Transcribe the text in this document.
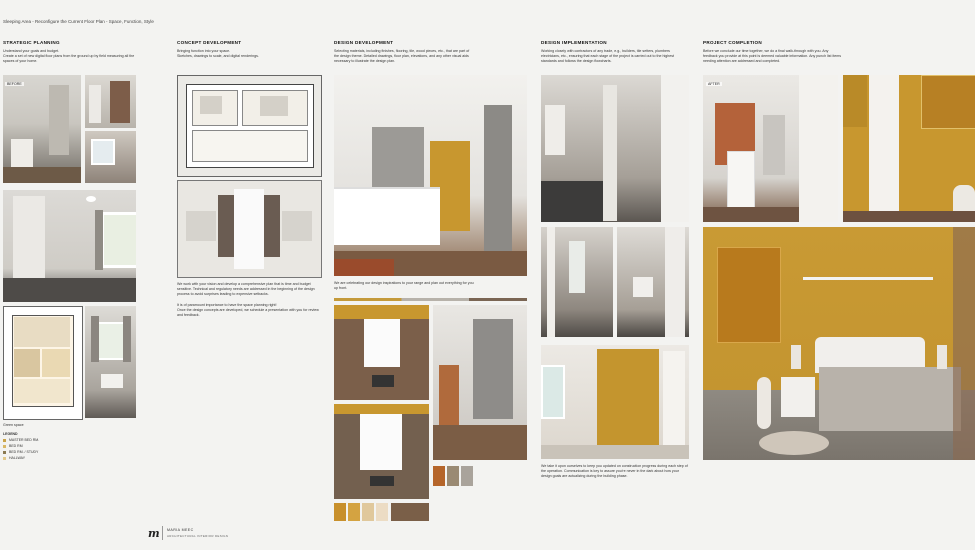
Sleeping Area - Reconfigure the Current Floor Plan - Space, Function, Style
STRATEGIC PLANNING
Understand your goals and budget.
Create a set of new digital floor plans from the ground up by field measuring all the spaces of your home.
BEFORE
Green space
LEGEND
MASTER BED RM.
BED RM
BED RM. / STUDY
HALLWAY
CONCEPT DEVELOPMENT
Bringing function into your space.
Sketches, drawings to scale, and digital renderings.
We work with your vision and develop a comprehensive plan that is time and budget sensitive. Technical and regulatory needs are addressed in the beginning of the design process to avoid surprises leading to expensive setbacks.

It is of paramount importance to have the space planning right!
Once the design concepts are developed, we schedule a presentation with you for review and feedback.
DESIGN DEVELOPMENT
Selecting materials, including finishes, flooring, tile, wood pieces, etc., that are part of the design theme. Detailed drawings, floor plan, elevations, and any other visual aids necessary to illustrate the design plan.
We are celebrating our design inspirations to your range and plan out everything for you up front.
DESIGN IMPLEMENTATION
Working closely with contractors of any trade, e.g., builders, tile setters, plumbers electricians, etc., ensuring that each stage of the project is carried out to the highest standards and follows the design flowcharts.
We take it upon ourselves to keep you updated on construction progress during each step of the operation. Communication is key to assure you're never in the dark about how your design goals are actualizing during the building phase.
PROJECT COMPLETION
Before we conclude our time together, we do a final walk-through with you. Any feedback you provide at this point is deemed valuable information. Any punch list items needing attention are addressed and completed.
AFTER
m MARIA MEEC
ARCHITECTURAL INTERIOR DESIGN
